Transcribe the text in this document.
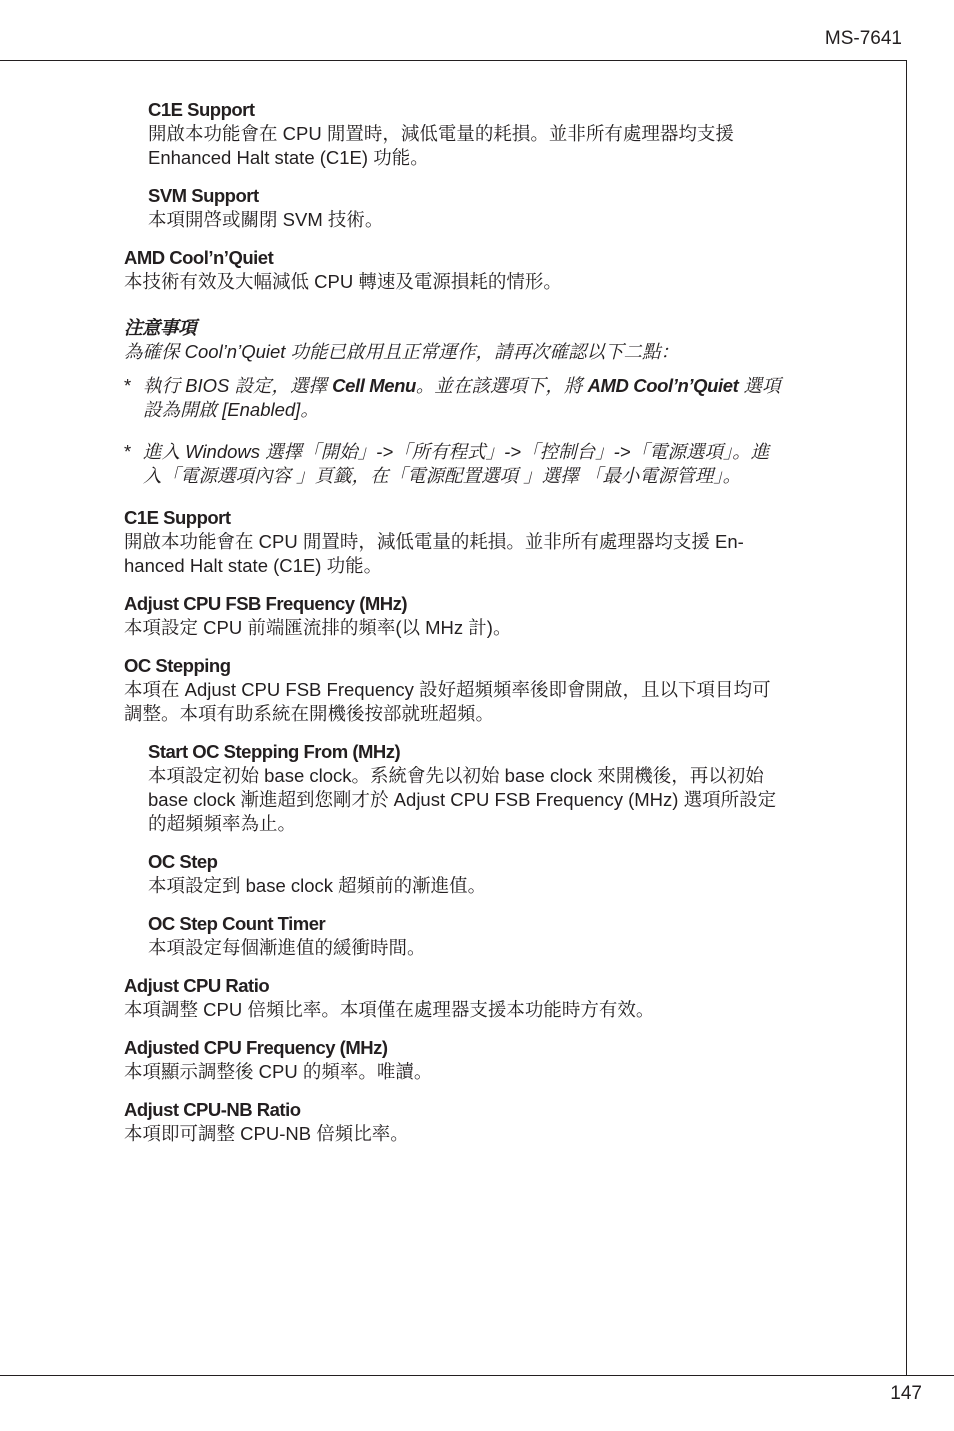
MS-7641
C1E Support
開啟本功能會在 CPU 閒置時，減低電量的耗損。並非所有處理器均支援
Enhanced Halt state (C1E) 功能。
SVM Support
本項開啓或關閉 SVM 技術。
AMD Cool’n’Quiet
本技術有效及大幅減低 CPU 轉速及電源損耗的情形。
注意事項
為確保 Cool’n’Quiet 功能已啟用且正常運作，請再次確認以下二點：
* 執行 BIOS 設定，選擇 Cell Menu。並在該選項下，將 AMD Cool’n’Quiet 選項
設為開啟 [Enabled]。
* 進入 Windows 選擇「開始」->「所有程式」->「控制台」->「電源選項」。進
入「電源選項內容 」頁籤，在「電源配置選項 」選擇 「最小電源管理」。
C1E Support
開啟本功能會在 CPU 閒置時，減低電量的耗損。並非所有處理器均支援 En-
hanced Halt state (C1E) 功能。
Adjust CPU FSB Frequency (MHz)
本項設定 CPU 前端匯流排的頻率(以 MHz 計)。
OC Stepping
本項在 Adjust CPU FSB Frequency 設好超頻頻率後即會開啟，且以下項目均可
調整。本項有助系統在開機後按部就班超頻。
Start OC Stepping From (MHz)
本項設定初始 base clock。系統會先以初始 base clock 來開機後，再以初始
base clock 漸進超到您剛才於 Adjust CPU FSB Frequency (MHz) 選項所設定
的超頻頻率為止。
OC Step
本項設定到 base clock 超頻前的漸進值。
OC Step Count Timer
本項設定每個漸進值的緩衝時間。
Adjust CPU Ratio
本項調整 CPU 倍頻比率。本項僅在處理器支援本功能時方有效。
Adjusted CPU Frequency (MHz)
本項顯示調整後 CPU 的頻率。唯讀。
Adjust CPU-NB Ratio
本項即可調整 CPU-NB 倍頻比率。
147
